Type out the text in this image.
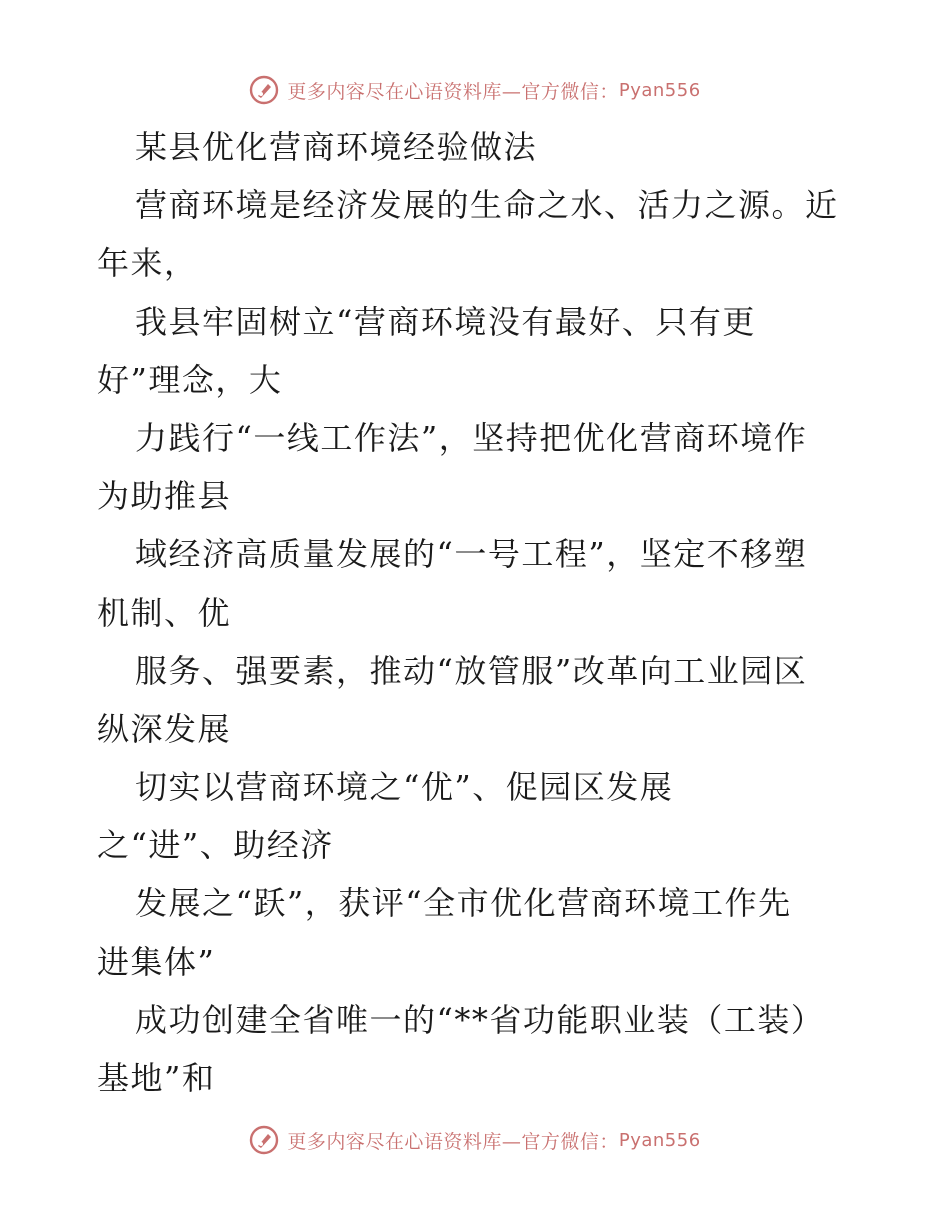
更多内容尽在心语资料库—官方微信： Pyan556
某县优化营商环境经验做法
营商环境是经济发展的生命之水、活力之源。近
年来，
我县牢固树立“营商环境没有最好、只有更
好”理念，大
力践行“一线工作法”，坚持把优化营商环境作
为助推县
域经济高质量发展的“一号工程”，坚定不移塑
机制、优
服务、强要素，推动“放管服”改革向工业园区
纵深发展
切实以营商环境之“优”、促园区发展
之“进”、助经济
发展之“跃”，获评“全市优化营商环境工作先
进集体”
成功创建全省唯一的“**省功能职业装（工装）
基地”和
更多内容尽在心语资料库—官方微信： Pyan556
